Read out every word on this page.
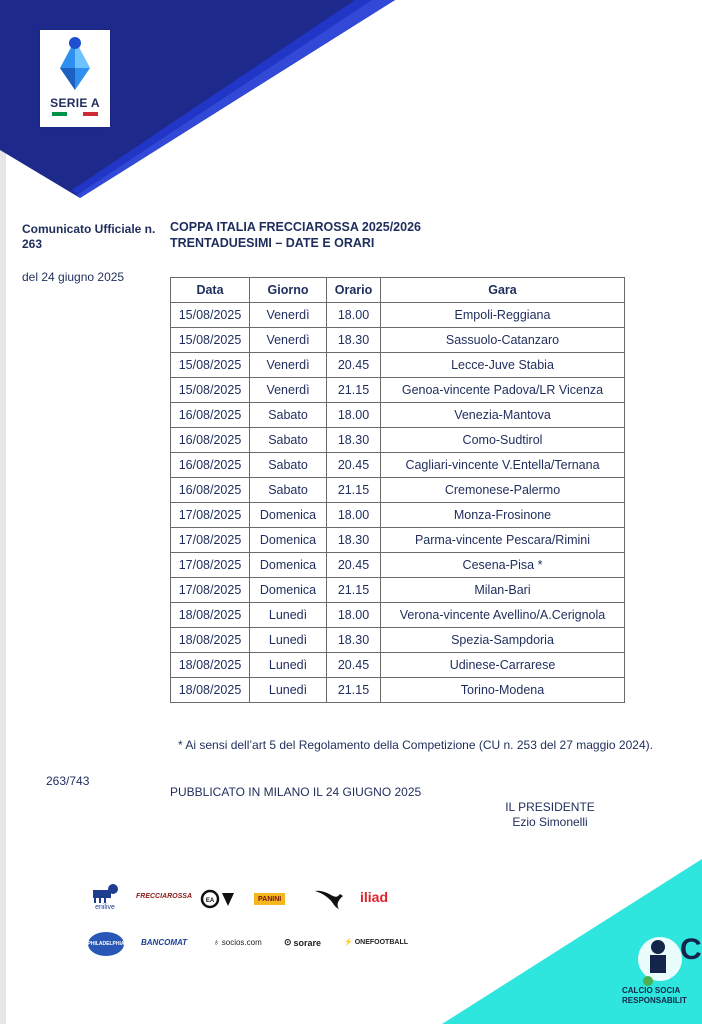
SERIE A
Comunicato Ufficiale n. 263
del 24 giugno 2025
COPPA ITALIA FRECCIAROSSA 2025/2026
TRENTADUESIMI – DATE E ORARI
Data	Giorno	Orario	Gara
15/08/2025	Venerdì	18.00	Empoli-Reggiana
15/08/2025	Venerdì	18.30	Sassuolo-Catanzaro
15/08/2025	Venerdì	20.45	Lecce-Juve Stabia
15/08/2025	Venerdì	21.15	Genoa-vincente Padova/LR Vicenza
16/08/2025	Sabato	18.00	Venezia-Mantova
16/08/2025	Sabato	18.30	Como-Sudtirol
16/08/2025	Sabato	20.45	Cagliari-vincente V.Entella/Ternana
16/08/2025	Sabato	21.15	Cremonese-Palermo
17/08/2025	Domenica	18.00	Monza-Frosinone
17/08/2025	Domenica	18.30	Parma-vincente Pescara/Rimini
17/08/2025	Domenica	20.45	Cesena-Pisa *
17/08/2025	Domenica	21.15	Milan-Bari
18/08/2025	Lunedì	18.00	Verona-vincente Avellino/A.Cerignola
18/08/2025	Lunedì	18.30	Spezia-Sampdoria
18/08/2025	Lunedì	20.45	Udinese-Carrarese
18/08/2025	Lunedì	21.15	Torino-Modena
* Ai sensi dell’art 5 del Regolamento della Competizione (CU n. 253 del 27 maggio 2024).
263/743
PUBBLICATO IN MILANO IL 24 GIUGNO 2025
IL PRESIDENTE
Ezio Simonelli
enilive
FRECCIAROSSA
EA	PANINI	iliad
PHILADELPHIA BANCOMAT	♁ socios.com ⊙ sorare	⚡ ONEFOOTBALL	C
CALCIO SOCIA
RESPONSABILIT
